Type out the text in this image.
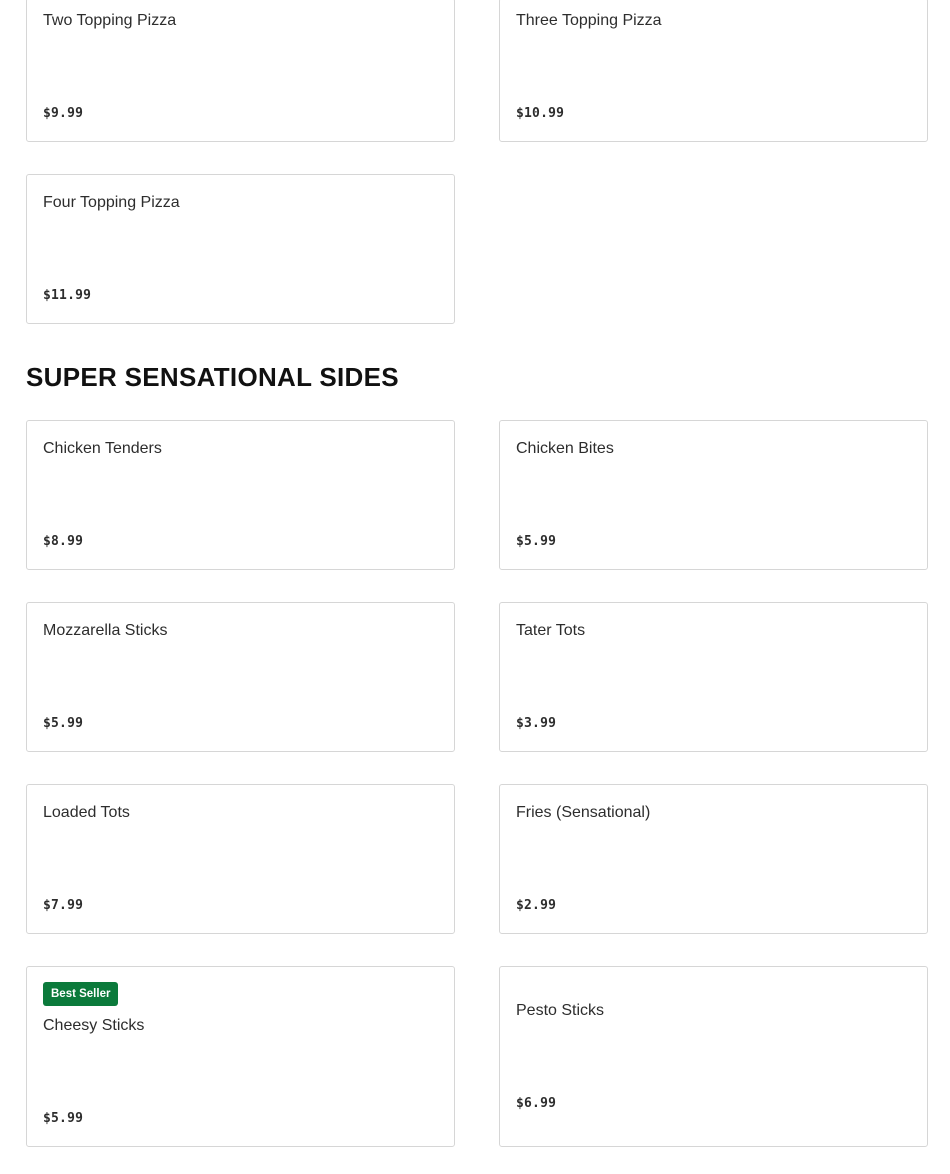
Two Topping Pizza
$9.99
Three Topping Pizza
$10.99
Four Topping Pizza
$11.99
SUPER SENSATIONAL SIDES
Chicken Tenders
$8.99
Chicken Bites
$5.99
Mozzarella Sticks
$5.99
Tater Tots
$3.99
Loaded Tots
$7.99
Fries (Sensational)
$2.99
Best Seller
Cheesy Sticks
$5.99
Pesto Sticks
$6.99
